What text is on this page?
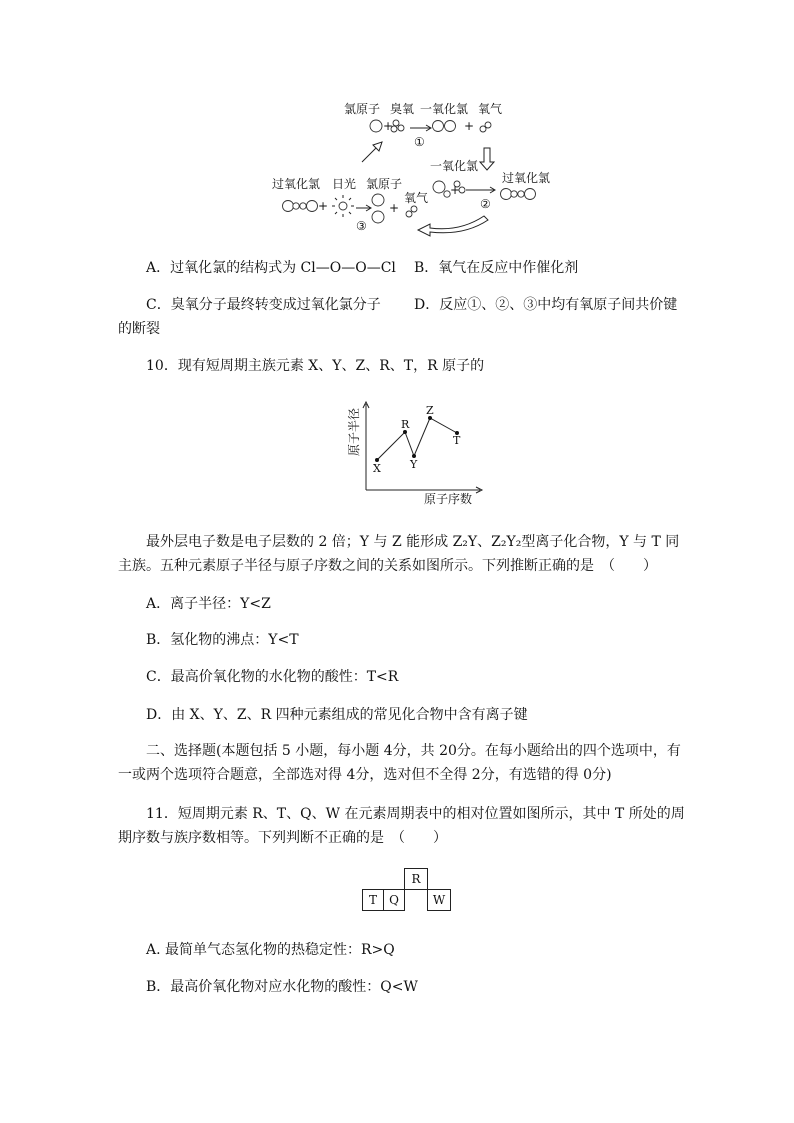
氯原子 臭氧 一氧化氯 氧气
①
一氧化氯
过氧化氯
②
过氧化氯 日光 氯原子
氧气
③
+	+
+
+	+
A．过氧化氯的结构式为 Cl—O—O—Cl B．氧气在反应中作催化剂
C．臭氧分子最终转变成过氧化氯分子 D．反应①、②、③中均有氧原子间共价键
的断裂
10．现有短周期主族元素 X、Y、Z、R、T，R 原子的
X
R
Y
Z
T
原子序数
原子半径
最外层电子数是电子层数的 2 倍；Y 与 Z 能形成 Z₂Y、Z₂Y₂型离子化合物，Y 与 T 同
主族。五种元素原子半径与原子序数之间的关系如图所示。下列推断正确的是　（　　）
A．离子半径：Y<Z
B．氢化物的沸点：Y<T
C．最高价氧化物的水化物的酸性：T<R
D．由 X、Y、Z、R 四种元素组成的常见化合物中含有离子键
二、选择题(本题包括 5 小题，每小题 4分，共 20分。在每小题给出的四个选项中，有
一或两个选项符合题意，全部选对得 4分，选对但不全得 2分，有选错的得 0分)
11．短周期元素 R、T、Q、W 在元素周期表中的相对位置如图所示，其中 T 所处的周
期序数与族序数相等。下列判断不正确的是　（　　）
		R	
T	Q		W
A. 最简单气态氢化物的热稳定性：R>Q
B．最高价氧化物对应水化物的酸性：Q<W
